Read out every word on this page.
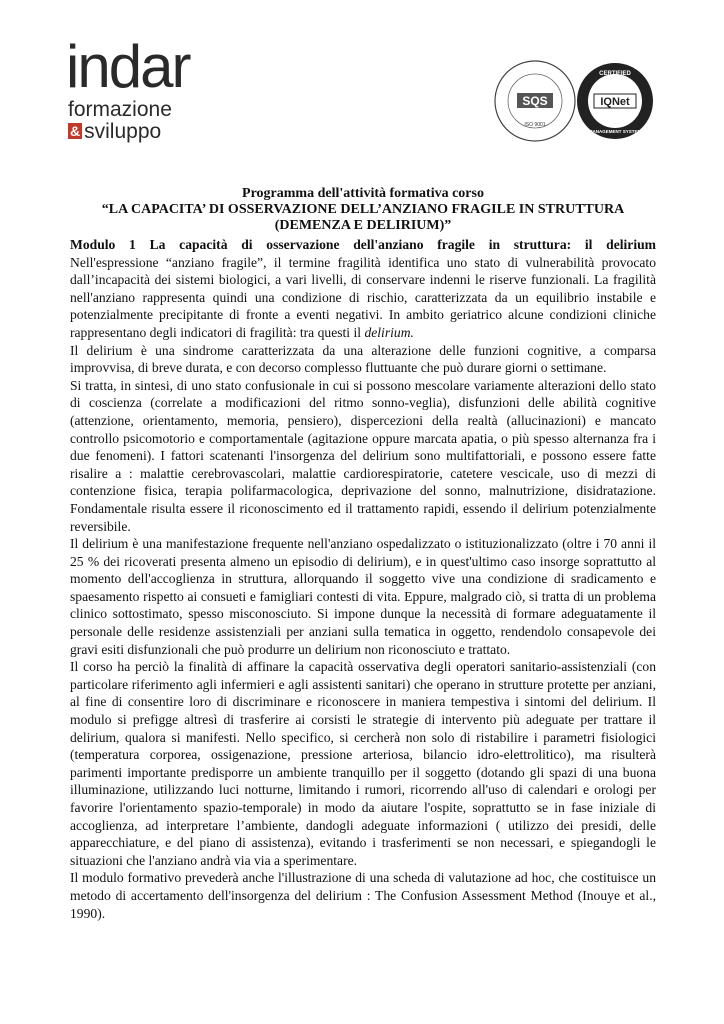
indar
formazione
& sviluppo
SQS
ISO 9001
IQNet
CERTIFIED
MANAGEMENT SYSTEM
Programma dell'attività formativa corso
“LA CAPACITA’ DI OSSERVAZIONE DELL’ANZIANO FRAGILE IN STRUTTURA
(DEMENZA E DELIRIUM)”

Modulo 1 La capacità di osservazione dell'anziano fragile in struttura: il delirium

Nell'espressione “anziano fragile”, il termine fragilità identifica uno stato di vulnerabilità provocato dall’incapacità dei sistemi biologici, a vari livelli, di conservare indenni le riserve funzionali. La fragilità nell'anziano rappresenta quindi una condizione di rischio, caratterizzata da un equilibrio instabile e potenzialmente precipitante di fronte a eventi negativi. In ambito geriatrico alcune condizioni cliniche rappresentano degli indicatori di fragilità: tra questi il delirium.

Il delirium è una sindrome caratterizzata da una alterazione delle funzioni cognitive, a comparsa improvvisa, di breve durata, e con decorso complesso fluttuante che può durare giorni o settimane.

Si tratta, in sintesi, di uno stato confusionale in cui si possono mescolare variamente alterazioni dello stato di coscienza (correlate a modificazioni del ritmo sonno-veglia), disfunzioni delle abilità cognitive (attenzione, orientamento, memoria, pensiero), dispercezioni della realtà (allucinazioni) e mancato controllo psicomotorio e comportamentale (agitazione oppure marcata apatia, o più spesso alternanza fra i due fenomeni). I fattori scatenanti l'insorgenza del delirium sono multifattoriali, e possono essere fatte risalire a : malattie cerebrovascolari, malattie cardiorespiratorie, catetere vescicale, uso di mezzi di contenzione fisica, terapia polifarmacologica, deprivazione del sonno, malnutrizione, disidratazione. Fondamentale risulta essere il riconoscimento ed il trattamento rapidi, essendo il delirium potenzialmente reversibile.

Il delirium è una manifestazione frequente nell'anziano ospedalizzato o istituzionalizzato (oltre i 70 anni il 25 % dei ricoverati presenta almeno un episodio di delirium), e in quest'ultimo caso insorge soprattutto al momento dell'accoglienza in struttura, allorquando il soggetto vive una condizione di sradicamento e spaesamento rispetto ai consueti e famigliari contesti di vita. Eppure, malgrado ciò, si tratta di un problema clinico sottostimato, spesso misconosciuto. Si impone dunque la necessità di formare adeguatamente il personale delle residenze assistenziali per anziani sulla tematica in oggetto, rendendolo consapevole dei gravi esiti disfunzionali che può produrre un delirium non riconosciuto e trattato.

Il corso ha perciò la finalità di affinare la capacità osservativa degli operatori sanitario-assistenziali (con particolare riferimento agli infermieri e agli assistenti sanitari) che operano in strutture protette per anziani, al fine di consentire loro di discriminare e riconoscere in maniera tempestiva i sintomi del delirium. Il modulo si prefigge altresì di trasferire ai corsisti le strategie di intervento più adeguate per trattare il delirium, qualora si manifesti. Nello specifico, si cercherà non solo di ristabilire i parametri fisiologici (temperatura corporea, ossigenazione, pressione arteriosa, bilancio idro-elettrolitico), ma risulterà parimenti importante predisporre un ambiente tranquillo per il soggetto (dotando gli spazi di una buona illuminazione, utilizzando luci notturne, limitando i rumori, ricorrendo all'uso di calendari e orologi per favorire l'orientamento spazio-temporale) in modo da aiutare l'ospite, soprattutto se in fase iniziale di accoglienza, ad interpretare l’ambiente, dandogli adeguate informazioni ( utilizzo dei presidi, delle apparecchiature, e del piano di assistenza), evitando i trasferimenti se non necessari, e spiegandogli le situazioni che l'anziano andrà via via a sperimentare.

Il modulo formativo prevederà anche l'illustrazione di una scheda di valutazione ad hoc, che costituisce un metodo di accertamento dell'insorgenza del delirium : The Confusion Assessment Method (Inouye et al., 1990).
